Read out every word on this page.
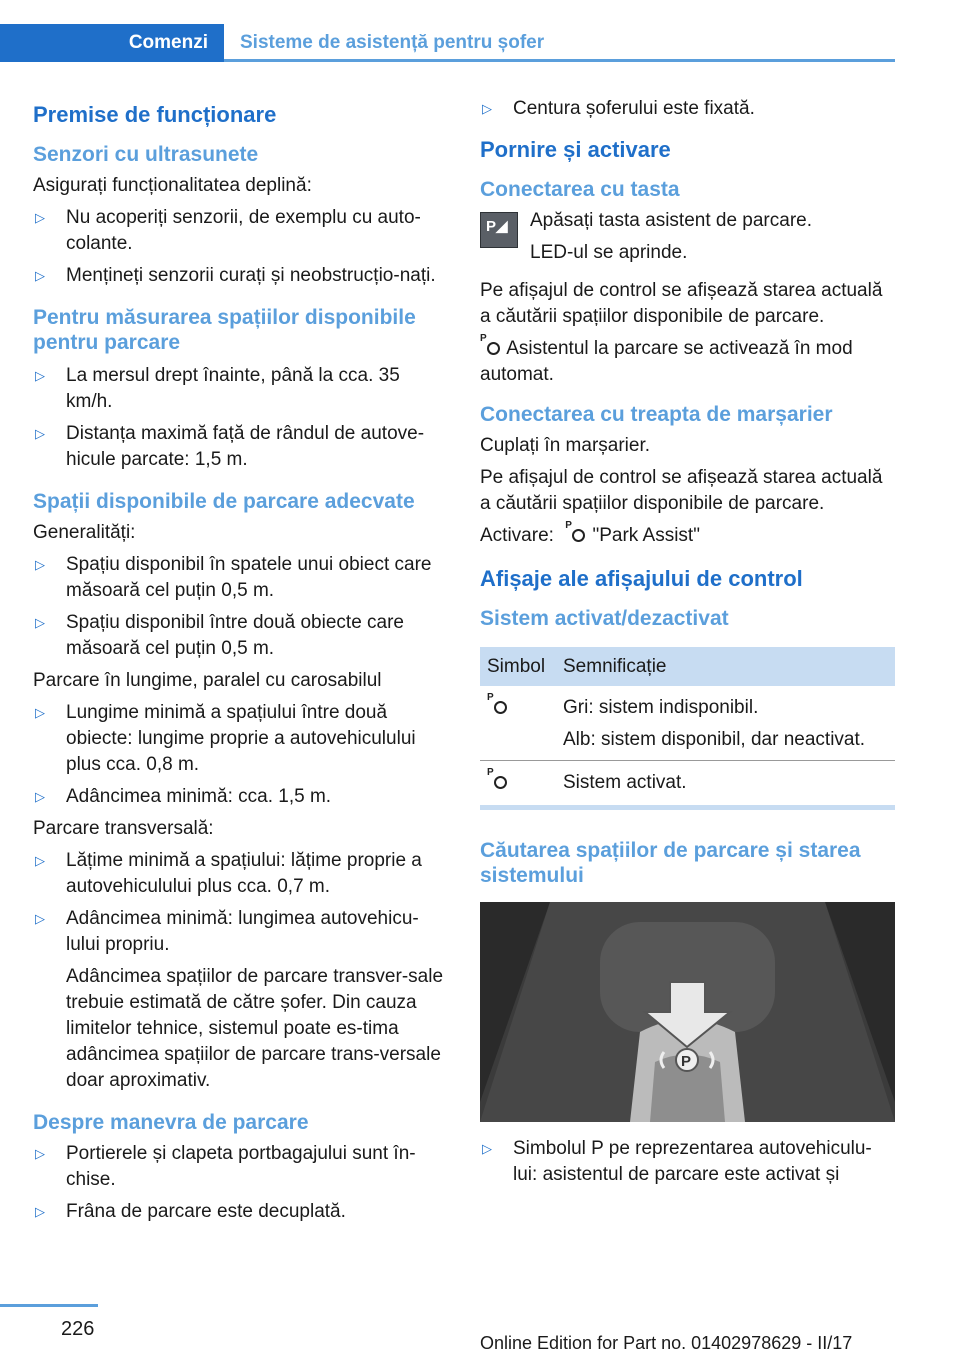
Comenzi	Sisteme de asistență pentru șofer
Premise de funcționare
Senzori cu ultrasunete

Asigurați funcționalitatea deplină:

▷ Nu acoperiți senzorii, de exemplu cu auto-colante.
▷ Mențineți senzorii curați și neobstrucțio-nați.
Pentru măsurarea spațiilor disponibile pentru parcare
▷ La mersul drept înainte, până la cca. 35 km/h.
▷ Distanța maximă față de rândul de autove-hicule parcate: 1,5 m.
Spații disponibile de parcare adecvate

Generalități:

▷ Spațiu disponibil în spatele unui obiect care măsoară cel puțin 0,5 m.
▷ Spațiu disponibil între două obiecte care măsoară cel puțin 0,5 m.

Parcare în lungime, paralel cu carosabilul

▷ Lungime minimă a spațiului între două obiecte: lungime proprie a autovehiculului plus cca. 0,8 m.
▷ Adâncimea minimă: cca. 1,5 m.

Parcare transversală:

▷ Lățime minimă a spațiului: lățime proprie a autovehiculului plus cca. 0,7 m.
▷ Adâncimea minimă: lungimea autovehicu-lului propriu.

Adâncimea spațiilor de parcare transver-sale trebuie estimată de către șofer. Din cauza limitelor tehnice, sistemul poate es-tima adâncimea spațiilor de parcare trans-versale doar aproximativ.

Despre manevra de parcare
▷ Portierele și clapeta portbagajului sunt în-chise.
▷ Frâna de parcare este decuplată.
▷ Centura șoferului este fixată.
Pornire și activare
Conectarea cu tasta
P◢	Apăsați tasta asistent de parcare.

LED-ul se aprinde.

Pe afișajul de control se afișează starea actuală a căutării spațiilor disponibile de parcare.

P Asistentul la parcare se activează în mod automat.

Conectarea cu treapta de marșarier

Cuplați în marșarier.

Pe afișajul de control se afișează starea actuală a căutării spațiilor disponibile de parcare.

Activare: P "Park Assist"

Afișaje ale afișajului de control
Sistem activat/dezactivat
Simbol	Semnificație

P	Gri: sistem indisponibil.

Alb: sistem disponibil, dar neactivat.

P	Sistem activat.
Căutarea spațiilor de parcare și starea sistemului
P
▷ Simbolul P pe reprezentarea autovehiculu-lui: asistentul de parcare este activat și
226
Online Edition for Part no. 01402978629 - II/17
